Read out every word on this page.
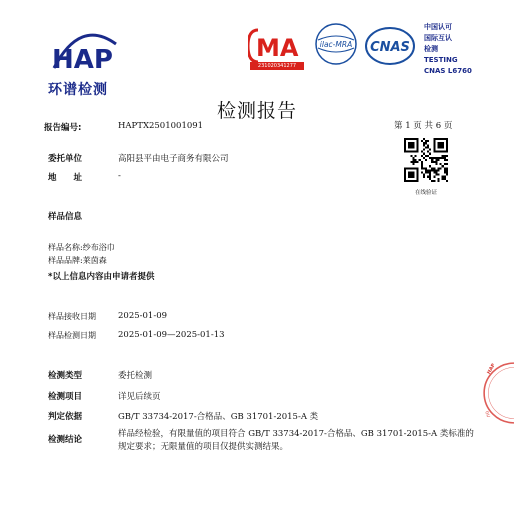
HAP
环谱检测
MA
231020341277
ilac-MRA CNAS
中国认可
国际互认
检测
TESTING
CNAS L6760
检测报告
报告编号:	HAPTX2501001091	第 1 页 共 6 页
在线验证
委托单位	高阳县平由电子商务有限公司
地　　址	-
样品信息
样品名称:纱布浴巾
样品品牌:莱茵森
*以上信息内容由申请者提供
样品接收日期	2025-01-09
样品检测日期	2025-01-09—2025-01-13
检测类型	委托检测
检测项目	详见后续页
判定依据	GB/T 33734-2017-合格品、GB 31701-2015-A 类
检测结论
样品经检验，有限量值的项目符合 GB/T 33734-2017-合格品、GB 31701-2015-A 类标准的
规定要求；无限量值的项目仅提供实测结果。
HAP
GU
